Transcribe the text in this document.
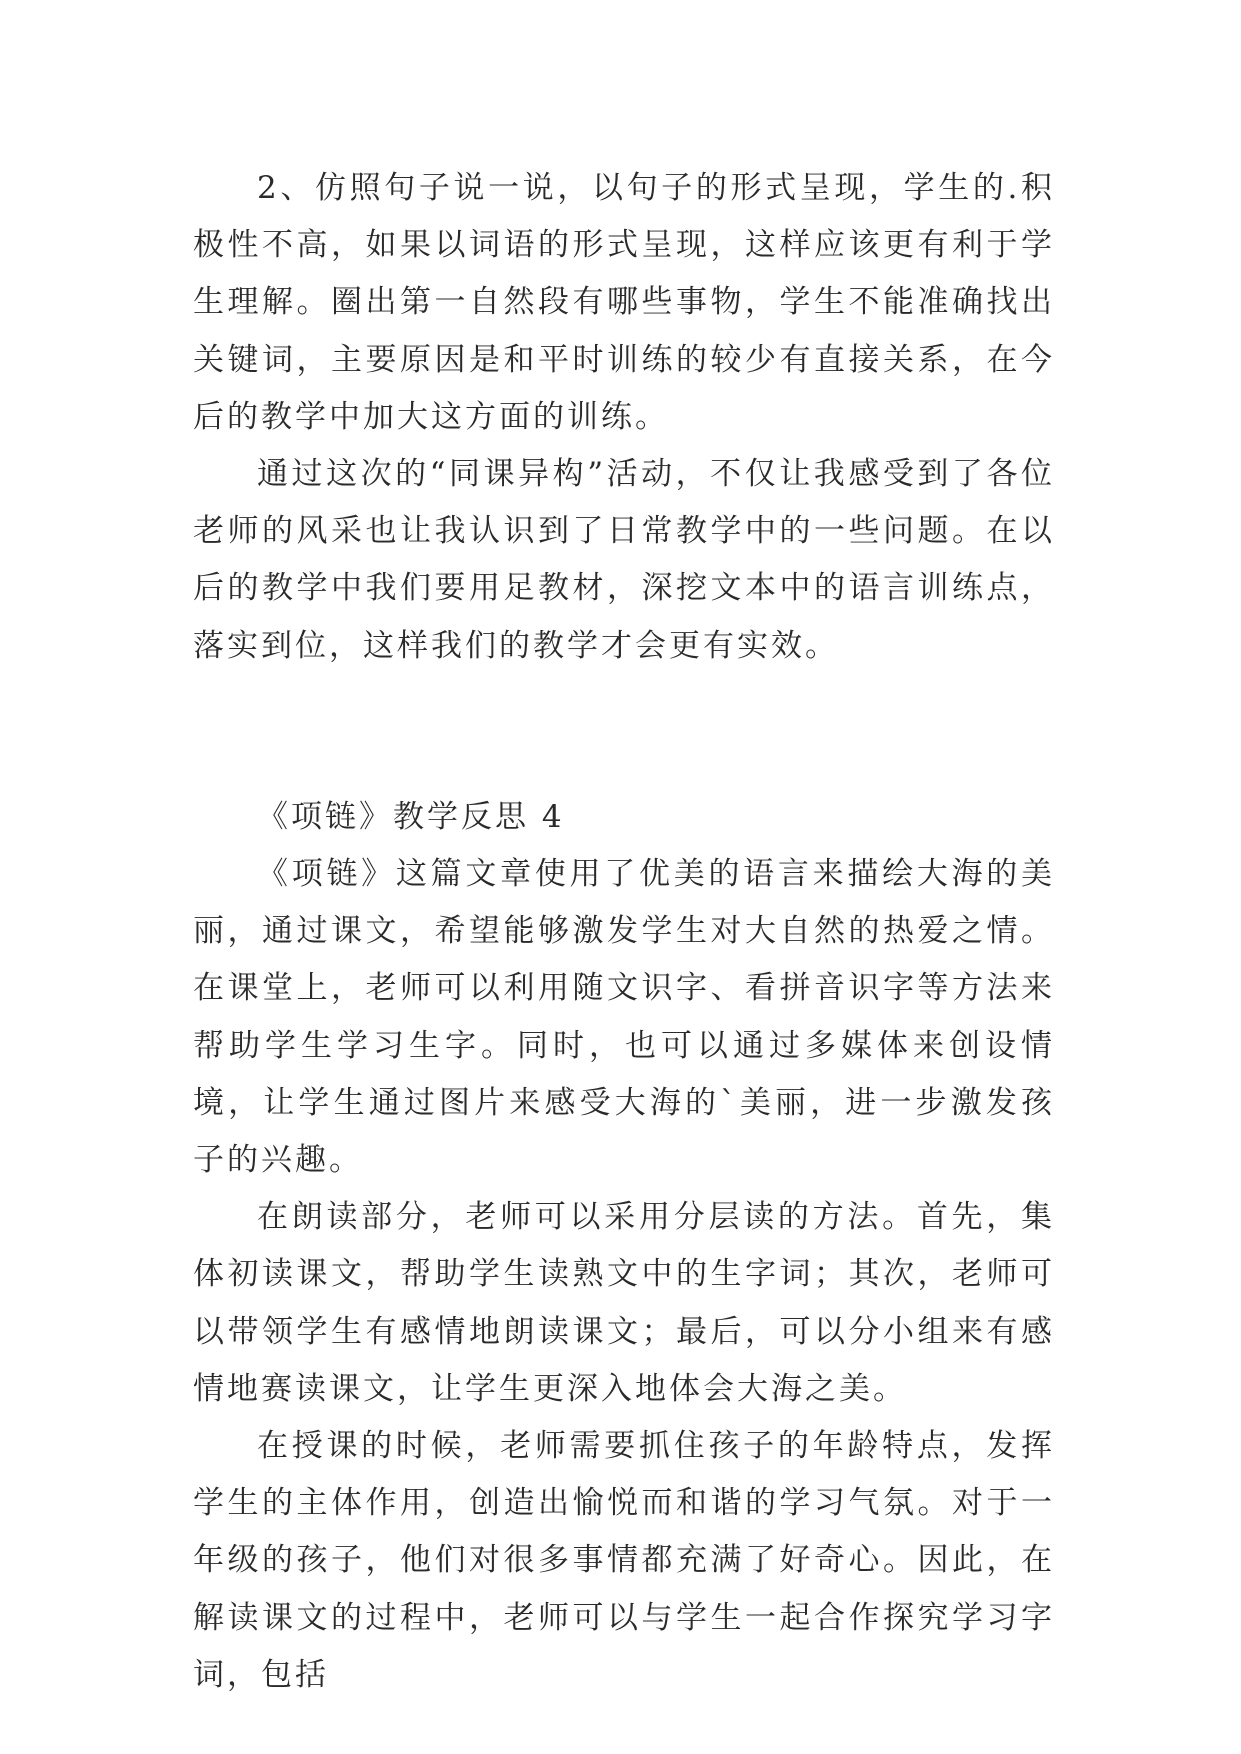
2、仿照句子说一说，以句子的形式呈现，学生的.积极性不高，如果以词语的形式呈现，这样应该更有利于学生理解。圈出第一自然段有哪些事物，学生不能准确找出关键词，主要原因是和平时训练的较少有直接关系，在今后的教学中加大这方面的训练。

通过这次的“同课异构”活动，不仅让我感受到了各位老师的风采也让我认识到了日常教学中的一些问题。在以后的教学中我们要用足教材，深挖文本中的语言训练点，落实到位，这样我们的教学才会更有实效。

《项链》教学反思 4

《项链》这篇文章使用了优美的语言来描绘大海的美丽，通过课文，希望能够激发学生对大自然的热爱之情。在课堂上，老师可以利用随文识字、看拼音识字等方法来帮助学生学习生字。同时，也可以通过多媒体来创设情境，让学生通过图片来感受大海的`美丽，进一步激发孩子的兴趣。

在朗读部分，老师可以采用分层读的方法。首先，集体初读课文，帮助学生读熟文中的生字词；其次，老师可以带领学生有感情地朗读课文；最后，可以分小组来有感情地赛读课文，让学生更深入地体会大海之美。

在授课的时候，老师需要抓住孩子的年龄特点，发挥学生的主体作用，创造出愉悦而和谐的学习气氛。对于一年级的孩子，他们对很多事情都充满了好奇心。因此，在解读课文的过程中，老师可以与学生一起合作探究学习字词，包括
